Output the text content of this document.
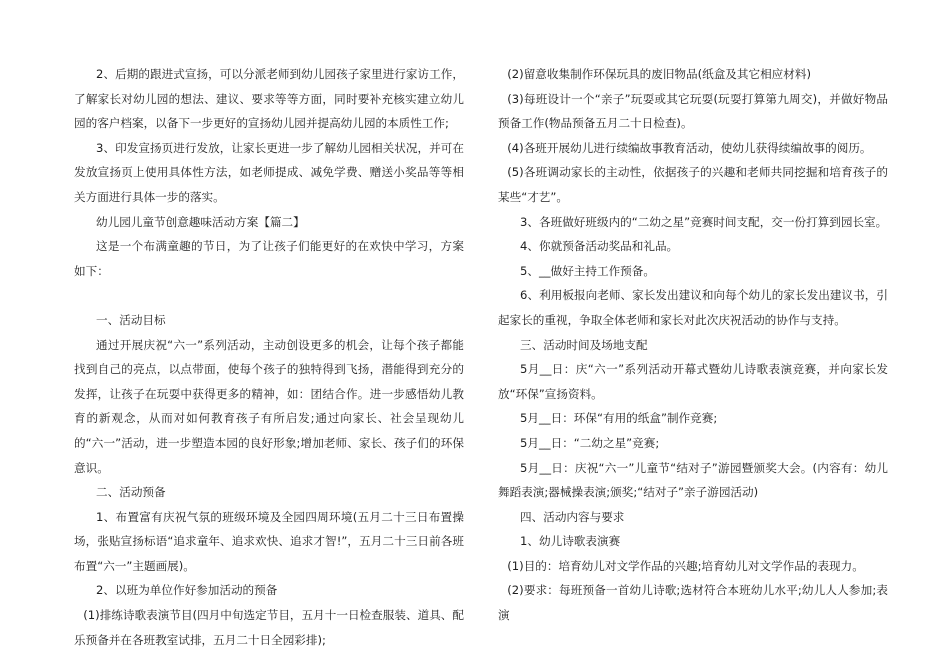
2、后期的跟进式宣扬，可以分派老师到幼儿园孩子家里进行家访工作，了解家长对幼儿园的想法、建议、要求等等方面，同时要补充核实建立幼儿园的客户档案，以备下一步更好的宣扬幼儿园并提高幼儿园的本质性工作;
3、印发宣扬页进行发放，让家长更进一步了解幼儿园相关状况，并可在发放宣扬页上使用具体性方法，如老师提成、减免学费、赠送小奖品等等相关方面进行具体一步的落实。
幼儿园儿童节创意趣味活动方案【篇二】
这是一个布满童趣的节日，为了让孩子们能更好的在欢快中学习，方案如下：
一、活动目标
通过开展庆祝“六一”系列活动，主动创设更多的机会，让每个孩子都能找到自己的亮点，以点带面，使每个孩子的独特得到飞扬，潜能得到充分的发挥，让孩子在玩耍中获得更多的精神，如：团结合作。进一步感悟幼儿教育的新观念，从而对如何教育孩子有所启发;通过向家长、社会呈现幼儿的“六一”活动，进一步塑造本园的良好形象;增加老师、家长、孩子们的环保意识。
二、活动预备
1、布置富有庆祝气氛的班级环境及全园四周环境(五月二十三日布置操场，张贴宣扬标语“追求童年、追求欢快、追求才智!”，五月二十三日前各班布置“六一”主题画展)。
2、以班为单位作好参加活动的预备
(1)排练诗歌表演节目(四月中旬选定节目，五月十一日检查服装、道具、配乐预备并在各班教室试排，五月二十日全园彩排);
(2)留意收集制作环保玩具的废旧物品(纸盒及其它相应材料)
(3)每班设计一个“亲子”玩耍或其它玩耍(玩耍打算第九周交)，并做好物品预备工作(物品预备五月二十日检查)。
(4)各班开展幼儿进行续编故事教育活动，使幼儿获得续编故事的阅历。
(5)各班调动家长的主动性，依据孩子的兴趣和老师共同挖掘和培育孩子的某些“才艺”。
3、各班做好班级内的“二幼之星”竞赛时间支配，交一份打算到园长室。
4、你就预备活动奖品和礼品。
5、__做好主持工作预备。
6、利用板报向老师、家长发出建议和向每个幼儿的家长发出建议书，引起家长的重视，争取全体老师和家长对此次庆祝活动的协作与支持。
三、活动时间及场地支配
5月__日：庆“六一”系列活动开幕式暨幼儿诗歌表演竞赛，并向家长发放“环保”宣扬资料。
5月__日：环保“有用的纸盒”制作竞赛;
5月__日：“二幼之星”竞赛;
5月__日：庆祝“六一”儿童节“结对子”游园暨颁奖大会。(内容有：幼儿舞蹈表演;器械操表演;颁奖;“结对子”亲子游园活动)
四、活动内容与要求
1、幼儿诗歌表演赛
(1)目的：培育幼儿对文学作品的兴趣;培育幼儿对文学作品的表现力。
(2)要求：每班预备一首幼儿诗歌;选材符合本班幼儿水平;幼儿人人参加;表演
